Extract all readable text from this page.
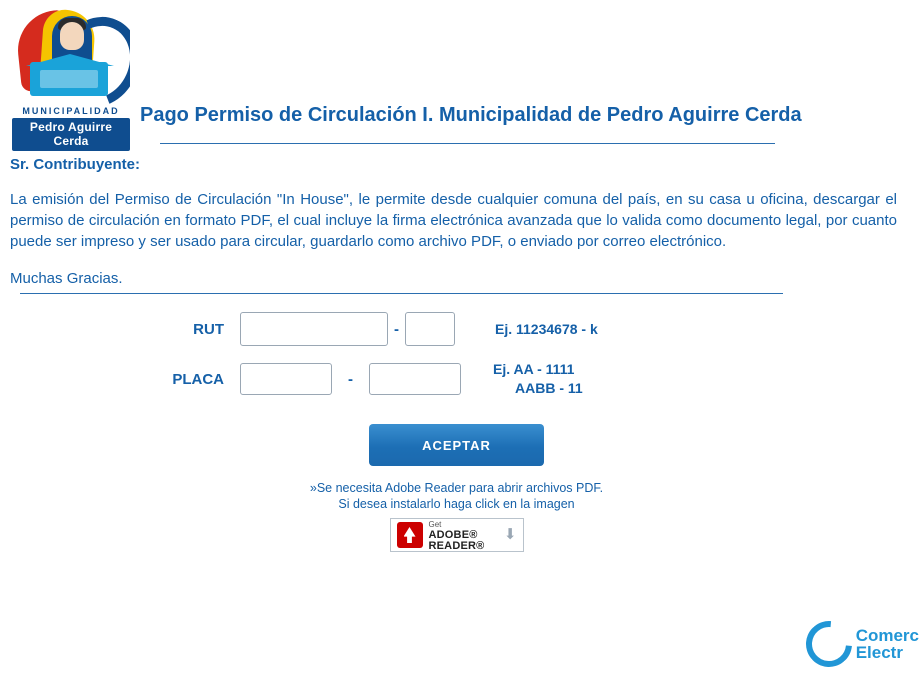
MUNICIPALIDAD
Pedro Aguirre Cerda
Pago Permiso de Circulación I. Municipalidad de Pedro Aguirre Cerda
Sr. Contribuyente:
La emisión del Permiso de Circulación "In House", le permite desde cualquier comuna del país, en su casa u oficina, descargar el permiso de circulación en formato PDF, el cual incluye la firma electrónica avanzada que lo valida como documento legal, por cuanto puede ser impreso y ser usado para circular, guardarlo como archivo PDF, o enviado por correo electrónico.
Muchas Gracias.
RUT	-	Ej. 11234678 - k
PLACA	-
Ej. AA - 1111
AABB - 11
ACEPTAR
»Se necesita Adobe Reader para abrir archivos PDF.
Si desea instalarlo haga click en la imagen
Get
ADOBE® READER®
⬇
Comerc
Electr
